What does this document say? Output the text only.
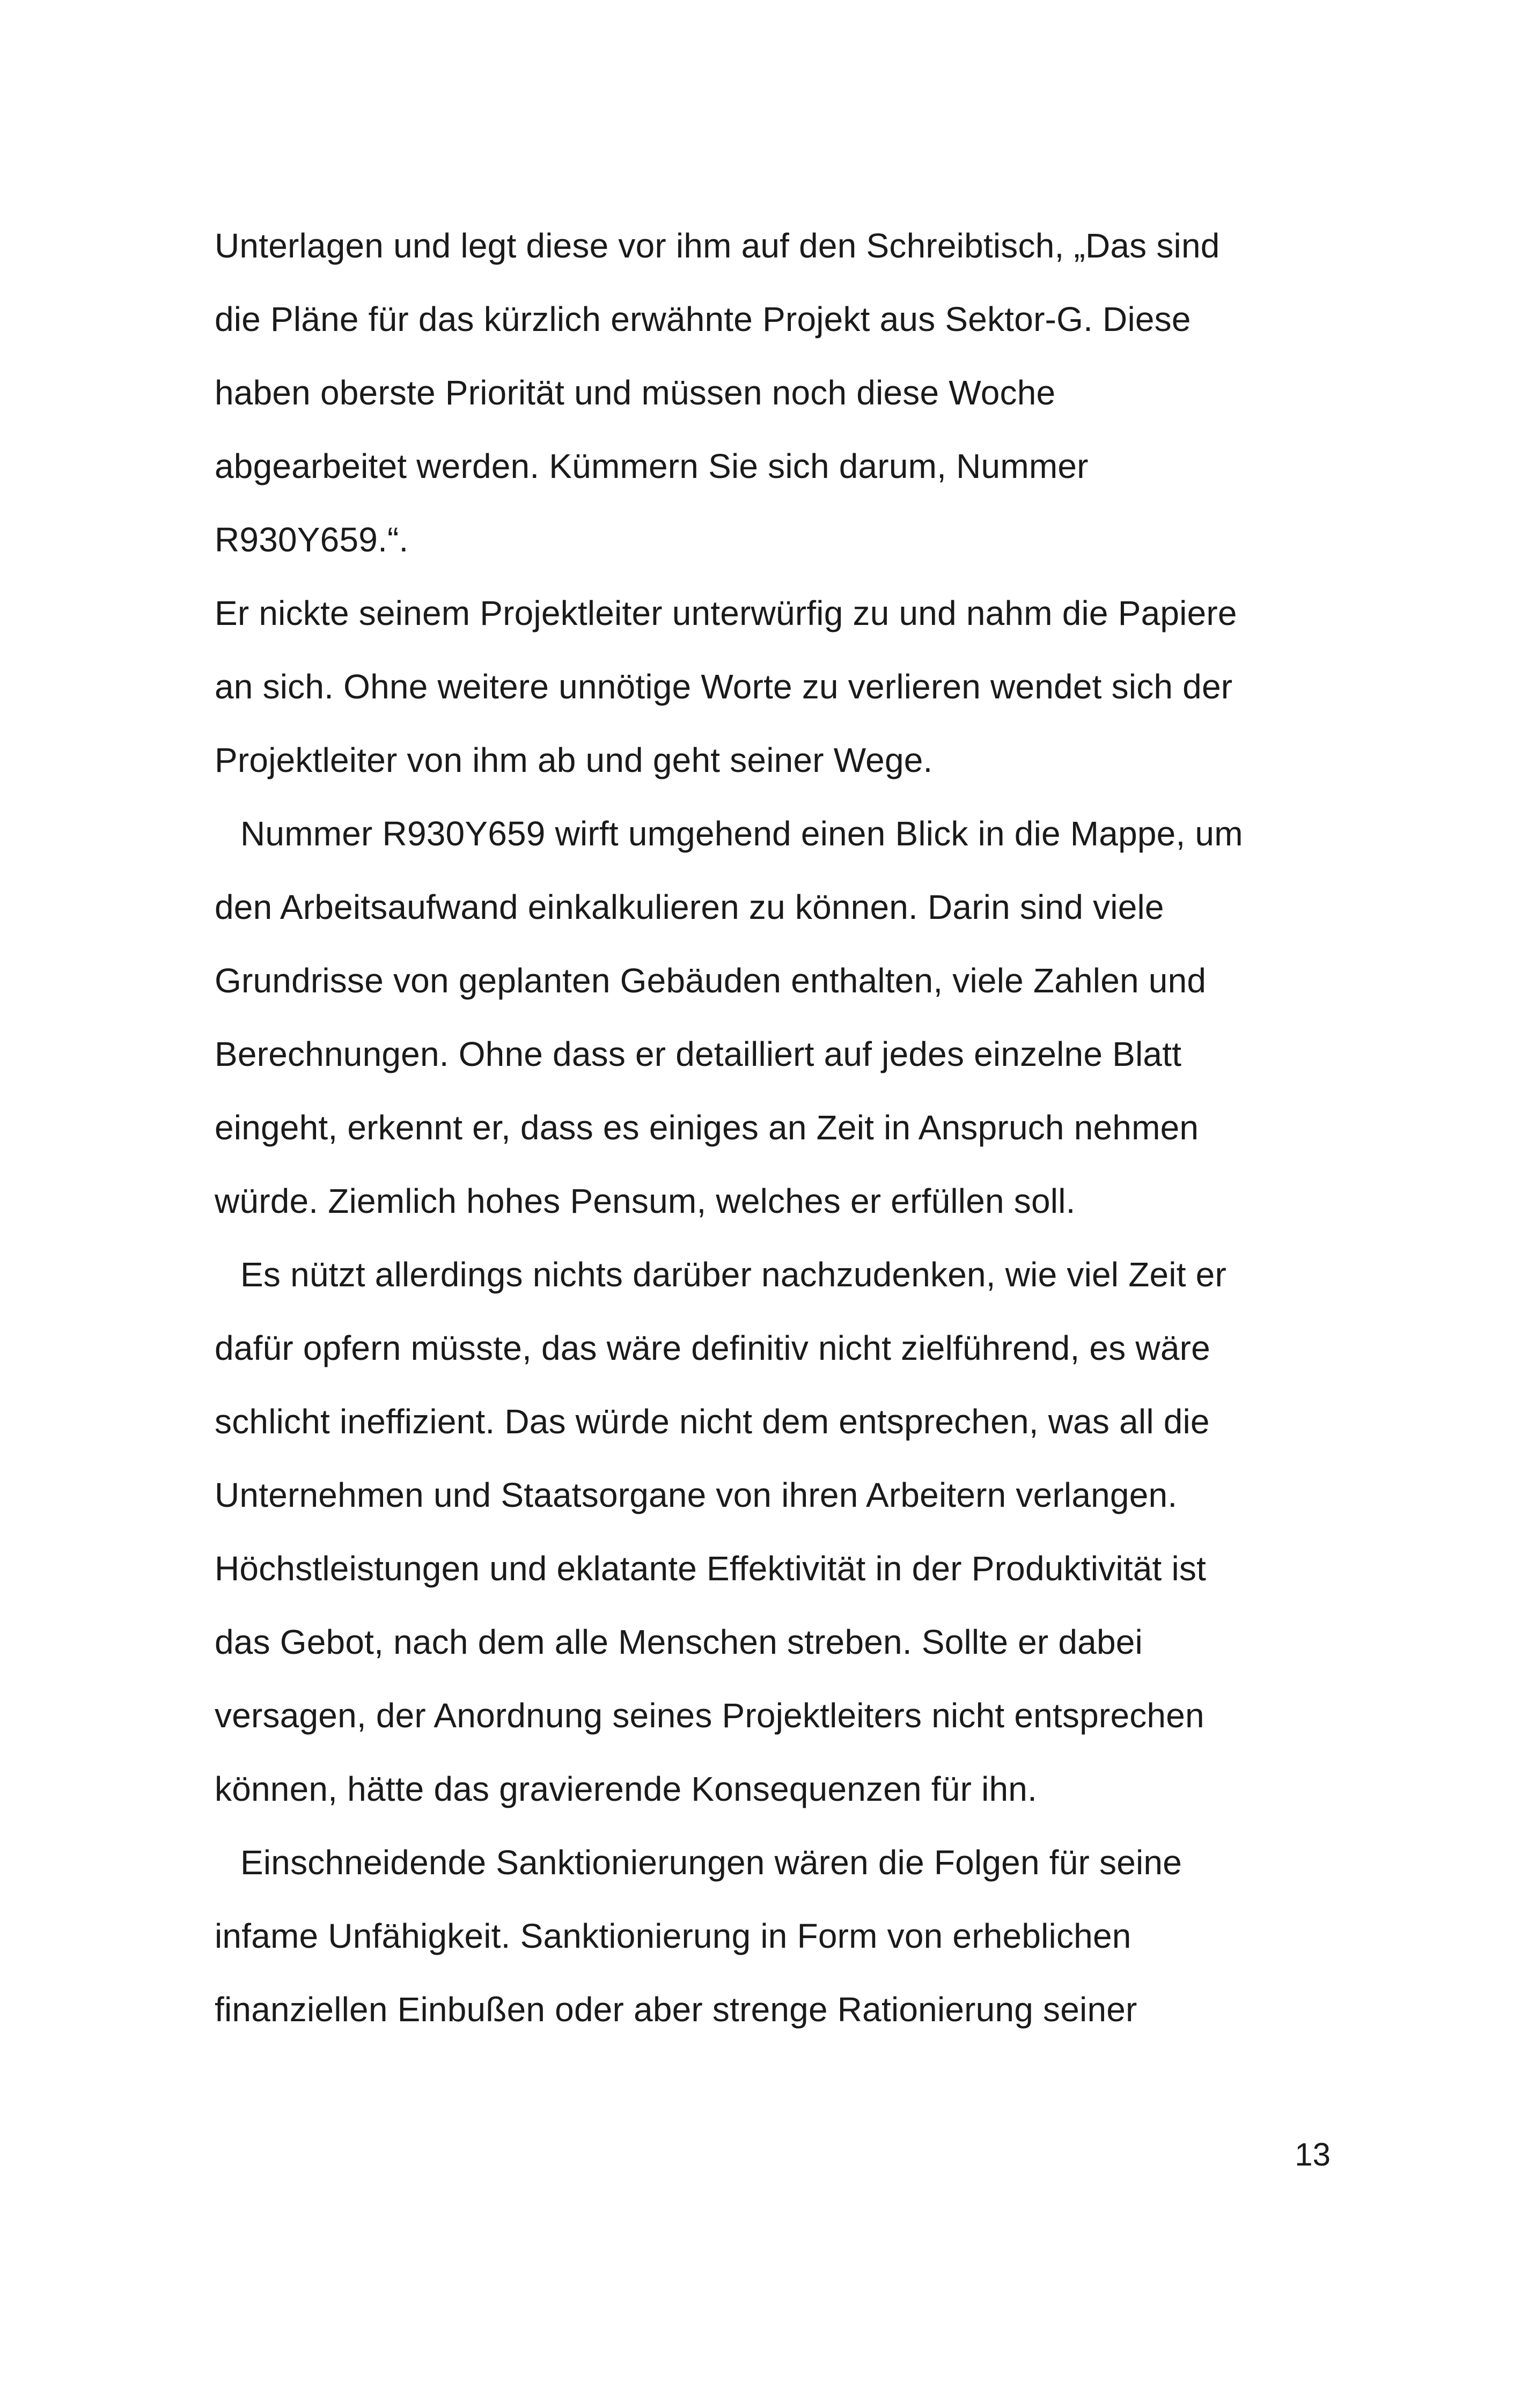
Unterlagen und legt diese vor ihm auf den Schreibtisch, „Das sind
die Pläne für das kürzlich erwähnte Projekt aus Sektor-G. Diese
haben oberste Priorität und müssen noch diese Woche
abgearbeitet werden. Kümmern Sie sich darum, Nummer
R930Y659.“.
Er nickte seinem Projektleiter unterwürfig zu und nahm die Papiere
an sich. Ohne weitere unnötige Worte zu verlieren wendet sich der
Projektleiter von ihm ab und geht seiner Wege.
Nummer R930Y659 wirft umgehend einen Blick in die Mappe, um
den Arbeitsaufwand einkalkulieren zu können. Darin sind viele
Grundrisse von geplanten Gebäuden enthalten, viele Zahlen und
Berechnungen. Ohne dass er detailliert auf jedes einzelne Blatt
eingeht, erkennt er, dass es einiges an Zeit in Anspruch nehmen
würde. Ziemlich hohes Pensum, welches er erfüllen soll.
Es nützt allerdings nichts darüber nachzudenken, wie viel Zeit er
dafür opfern müsste, das wäre definitiv nicht zielführend, es wäre
schlicht ineffizient. Das würde nicht dem entsprechen, was all die
Unternehmen und Staatsorgane von ihren Arbeitern verlangen.
Höchstleistungen und eklatante Effektivität in der Produktivität ist
das Gebot, nach dem alle Menschen streben. Sollte er dabei
versagen, der Anordnung seines Projektleiters nicht entsprechen
können, hätte das gravierende Konsequenzen für ihn.
Einschneidende Sanktionierungen wären die Folgen für seine
infame Unfähigkeit. Sanktionierung in Form von erheblichen
finanziellen Einbußen oder aber strenge Rationierung seiner
13
